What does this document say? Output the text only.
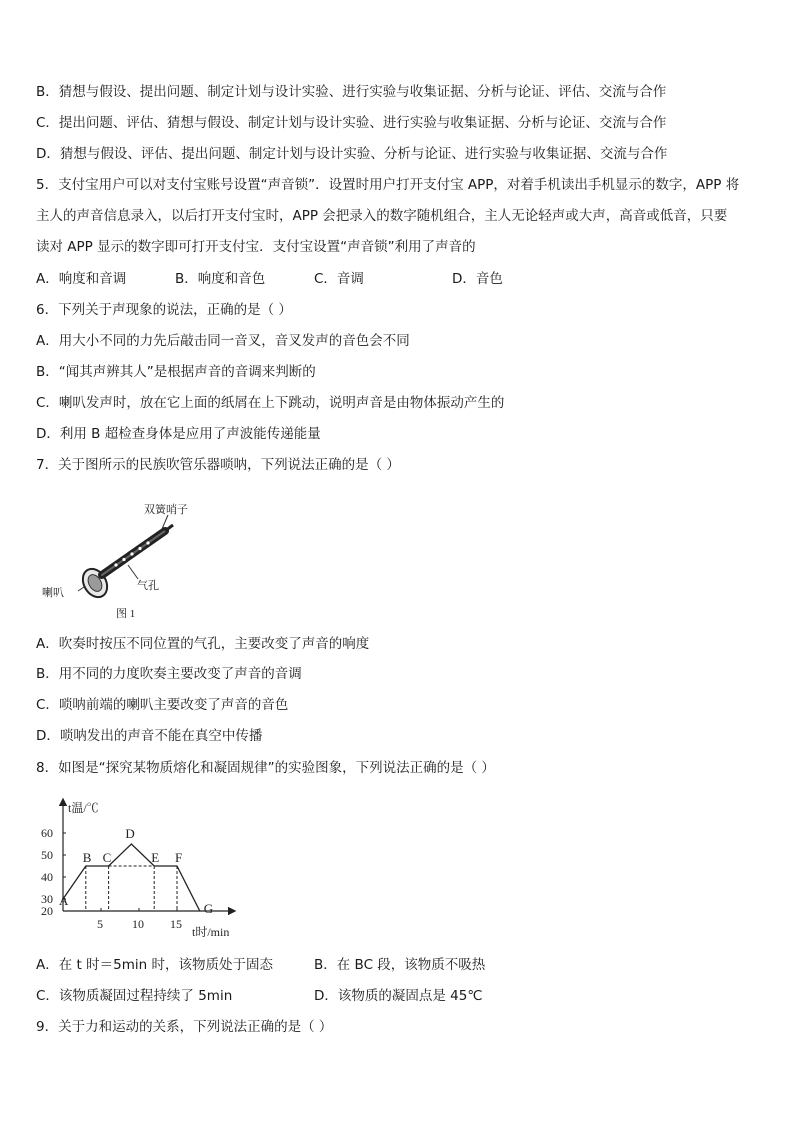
B．猜想与假设、提出问题、制定计划与设计实验、进行实验与收集证据、分析与论证、评估、交流与合作
C．提出问题、评估、猜想与假设、制定计划与设计实验、进行实验与收集证据、分析与论证、交流与合作
D．猜想与假设、评估、提出问题、制定计划与设计实验、分析与论证、进行实验与收集证据、交流与合作
5．支付宝用户可以对支付宝账号设置“声音锁”．设置时用户打开支付宝 APP，对着手机读出手机显示的数字，APP 将
主人的声音信息录入，以后打开支付宝时，APP 会把录入的数字随机组合，主人无论轻声或大声，高音或低音，只要
读对 APP 显示的数字即可打开支付宝．支付宝设置“声音锁”利用了声音的
A．响度和音调	B．响度和音色	C．音调	D．音色
6．下列关于声现象的说法，正确的是（ ）
A．用大小不同的力先后敲击同一音叉，音叉发声的音色会不同
B．“闻其声辨其人”是根据声音的音调来判断的
C．喇叭发声时，放在它上面的纸屑在上下跳动，说明声音是由物体振动产生的
D．利用 B 超检查身体是应用了声波能传递能量
7．关于图所示的民族吹管乐器唢呐，下列说法正确的是（ ）
双簧哨子
气孔
喇叭
图 1
A．吹奏时按压不同位置的气孔，主要改变了声音的响度
B．用不同的力度吹奏主要改变了声音的音调
C．唢呐前端的喇叭主要改变了声音的音色
D．唢呐发出的声音不能在真空中传播
8．如图是“探究某物质熔化和凝固规律”的实验图象，下列说法正确的是（ ）
t温/℃
t时/min
20
30
40
50
60
5 10 15
A
B C
D
E F
G
A．在 t 时＝5min 时，该物质处于固态	B．在 BC 段，该物质不吸热
C．该物质凝固过程持续了 5min	D．该物质的凝固点是 45℃
9．关于力和运动的关系，下列说法正确的是（ ）
